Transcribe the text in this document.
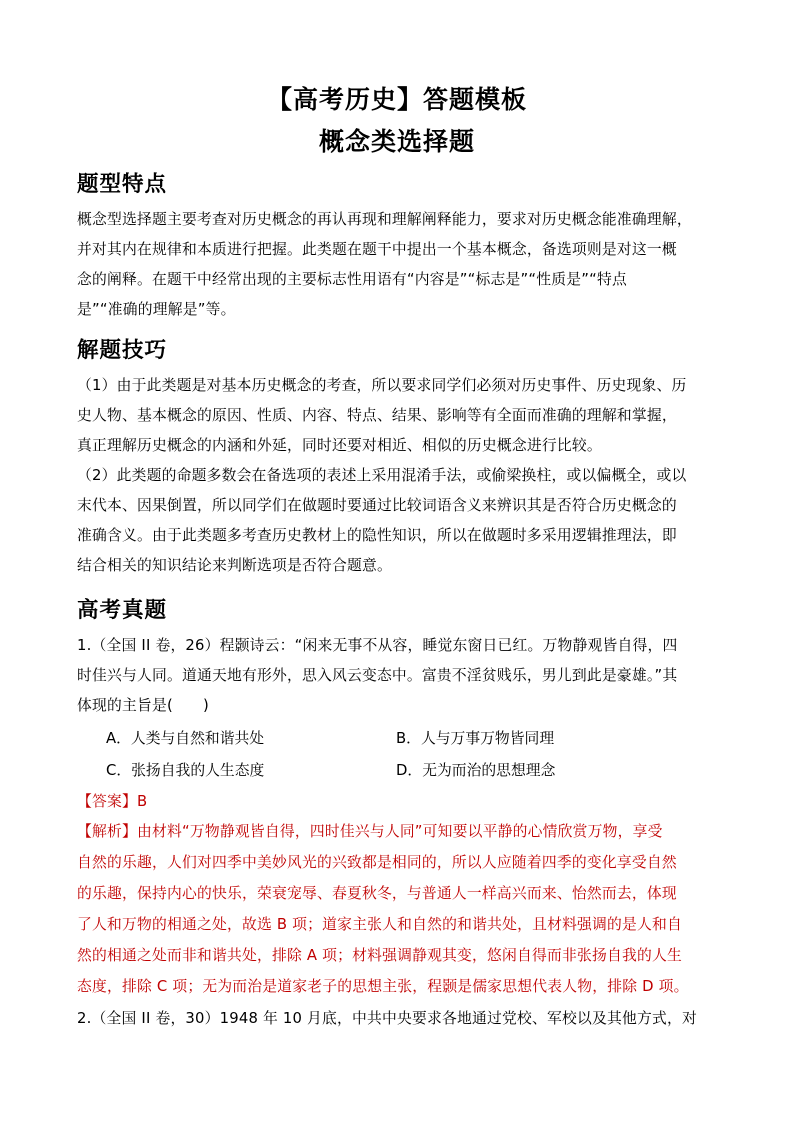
【高考历史】答题模板
概念类选择题
题型特点
概念型选择题主要考查对历史概念的再认再现和理解阐释能力，要求对历史概念能准确理解，
并对其内在规律和本质进行把握。此类题在题干中提出一个基本概念，备选项则是对这一概
念的阐释。在题干中经常出现的主要标志性用语有“内容是”“标志是”“性质是”“特点
是”“准确的理解是”等。
解题技巧
（1）由于此类题是对基本历史概念的考查，所以要求同学们必须对历史事件、历史现象、历
史人物、基本概念的原因、性质、内容、特点、结果、影响等有全面而准确的理解和掌握，
真正理解历史概念的内涵和外延，同时还要对相近、相似的历史概念进行比较。
（2）此类题的命题多数会在备选项的表述上采用混淆手法，或偷梁换柱，或以偏概全，或以
末代本、因果倒置，所以同学们在做题时要通过比较词语含义来辨识其是否符合历史概念的
准确含义。由于此类题多考查历史教材上的隐性知识，所以在做题时多采用逻辑推理法，即
结合相关的知识结论来判断选项是否符合题意。
高考真题
1.（全国 II 卷，26）程颢诗云：“闲来无事不从容，睡觉东窗日已红。万物静观皆自得，四
时佳兴与人同。道通天地有形外，思入风云变态中。富贵不淫贫贱乐，男儿到此是豪雄。”其
体现的主旨是(　　)
A．人类与自然和谐共处	B．人与万事万物皆同理
C．张扬自我的人生态度	D．无为而治的思想理念
【答案】B
【解析】由材料“万物静观皆自得，四时佳兴与人同”可知要以平静的心情欣赏万物，享受
自然的乐趣，人们对四季中美妙风光的兴致都是相同的，所以人应随着四季的变化享受自然
的乐趣，保持内心的快乐，荣衰宠辱、春夏秋冬，与普通人一样高兴而来、怡然而去，体现
了人和万物的相通之处，故选 B 项；道家主张人和自然的和谐共处，且材料强调的是人和自
然的相通之处而非和谐共处，排除 A 项；材料强调静观其变，悠闲自得而非张扬自我的人生
态度，排除 C 项；无为而治是道家老子的思想主张，程颢是儒家思想代表人物，排除 D 项。
2.（全国 II 卷，30）1948 年 10 月底，中共中央要求各地通过党校、军校以及其他方式，对
